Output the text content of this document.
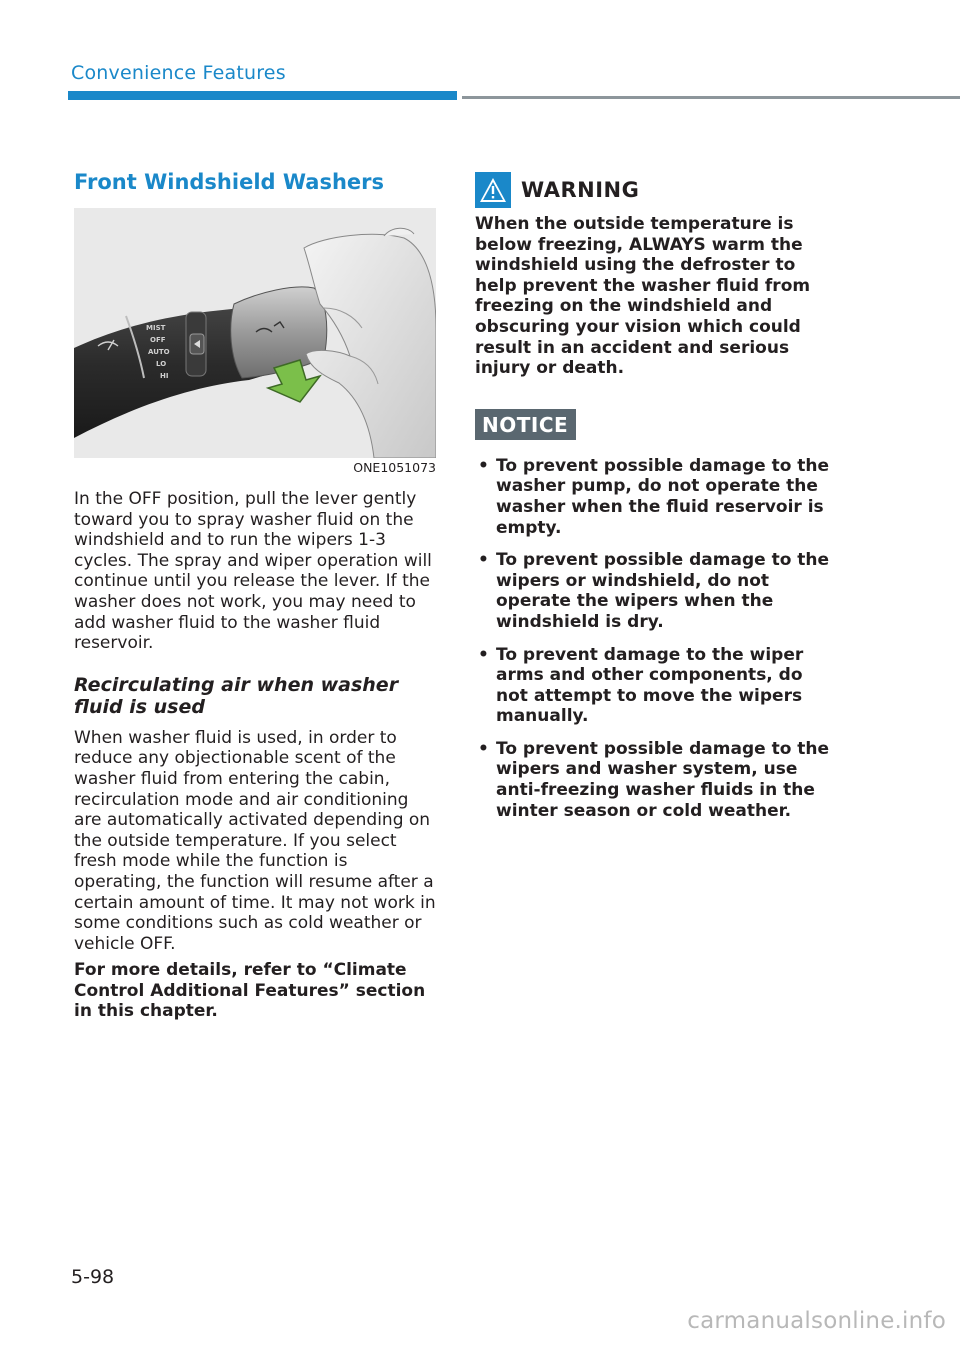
Convenience Features
Front Windshield Washers
MIST
OFF
AUTO
LO
HI
ONE1051073

In the OFF position, pull the lever gently toward you to spray washer fluid on the windshield and to run the wipers 1-3 cycles. The spray and wiper operation will continue until you release the lever. If the washer does not work, you may need to add washer fluid to the washer fluid reservoir.

Recirculating air when washer fluid is used

When washer fluid is used, in order to reduce any objectionable scent of the washer fluid from entering the cabin, recirculation mode and air conditioning are automatically activated depending on the outside temperature. If you select fresh mode while the function is operating, the function will resume after a certain amount of time. It may not work in some conditions such as cold weather or vehicle OFF.

For more details, refer to “Climate Control Additional Features” section in this chapter.

WARNING

When the outside temperature is below freezing, ALWAYS warm the windshield using the defroster to help prevent the washer fluid from freezing on the windshield and obscuring your vision which could result in an accident and serious injury or death.

NOTICE
• To prevent possible damage to the washer pump, do not operate the washer when the fluid reservoir is empty.
• To prevent possible damage to the wipers or windshield, do not operate the wipers when the windshield is dry.
• To prevent damage to the wiper arms and other components, do not attempt to move the wipers manually.
• To prevent possible damage to the wipers and washer system, use anti-freezing washer fluids in the winter season or cold weather.
5-98
carmanualsonline.info
